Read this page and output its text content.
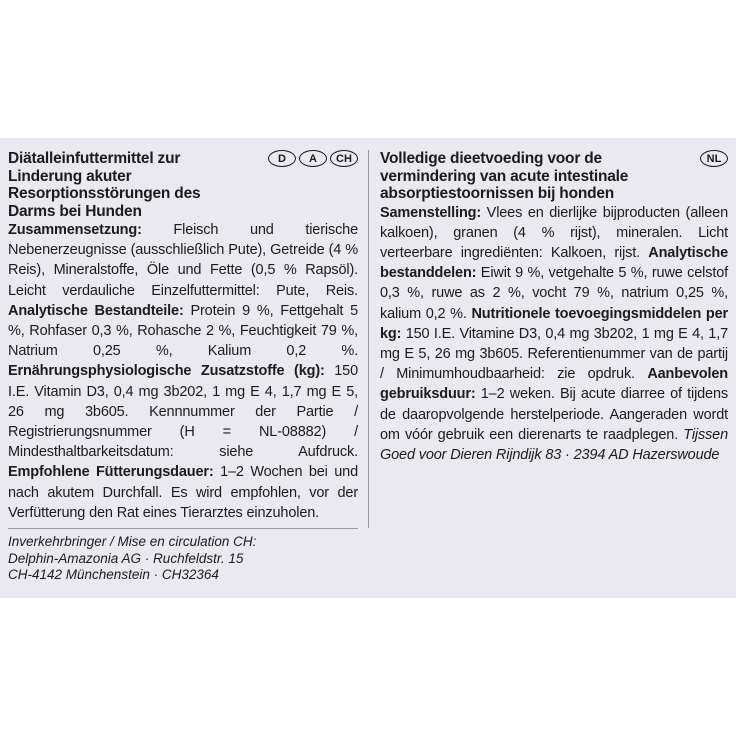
Diätalleinfuttermittel zur Linderung akuter Resorptionsstörungen des Darms bei Hunden
D	A	CH
Zusammensetzung: Fleisch und tierische Nebenerzeugnisse (ausschließlich Pute), Getreide (4 % Reis), Mineralstoffe, Öle und Fette (0,5 % Rapsöl). Leicht verdauliche Einzelfuttermittel: Pute, Reis. Analytische Bestandteile: Protein 9 %, Fettgehalt 5 %, Rohfaser 0,3 %, Rohasche 2 %, Feuchtigkeit 79 %, Natrium 0,25 %, Kalium 0,2 %. Ernährungsphysiologische Zusatzstoffe (kg): 150 I.E. Vitamin D3, 0,4 mg 3b202, 1 mg E 4, 1,7 mg E 5, 26 mg 3b605. Kennnummer der Partie / Registrierungsnummer (H = NL-08882) / Mindesthaltbarkeitsdatum: siehe Aufdruck. Empfohlene Fütterungsdauer: 1–2 Wochen bei und nach akutem Durchfall. Es wird empfohlen, vor der Verfütterung den Rat eines Tierarztes einzuholen.
Inverkehrbringer / Mise en circulation CH:
Delphin-Amazonia AG · Ruchfeldstr. 15
CH-4142 Münchenstein · CH32364
Volledige dieetvoeding voor de vermindering van acute intestinale absorptiestoornissen bij honden
NL
Samenstelling: Vlees en dierlijke bijproducten (alleen kalkoen), granen (4 % rijst), mineralen. Licht verteerbare ingrediënten: Kalkoen, rijst. Analytische bestanddelen: Eiwit 9 %, vetgehalte 5 %, ruwe celstof 0,3 %, ruwe as 2 %, vocht 79 %, natrium 0,25 %, kalium 0,2 %. Nutritionele toevoegingsmiddelen per kg: 150 I.E. Vitamine D3, 0,4 mg 3b202, 1 mg E 4, 1,7 mg E 5, 26 mg 3b605. Referentienummer van de partij / Minimumhoudbaarheid: zie opdruk. Aanbevolen gebruiksduur: 1–2 weken. Bij acute diarree of tijdens de daaropvolgende herstelperiode. Aangeraden wordt om vóór gebruik een dierenarts te raadplegen. Tijssen Goed voor Dieren Rijndijk 83 · 2394 AD Hazerswoude
